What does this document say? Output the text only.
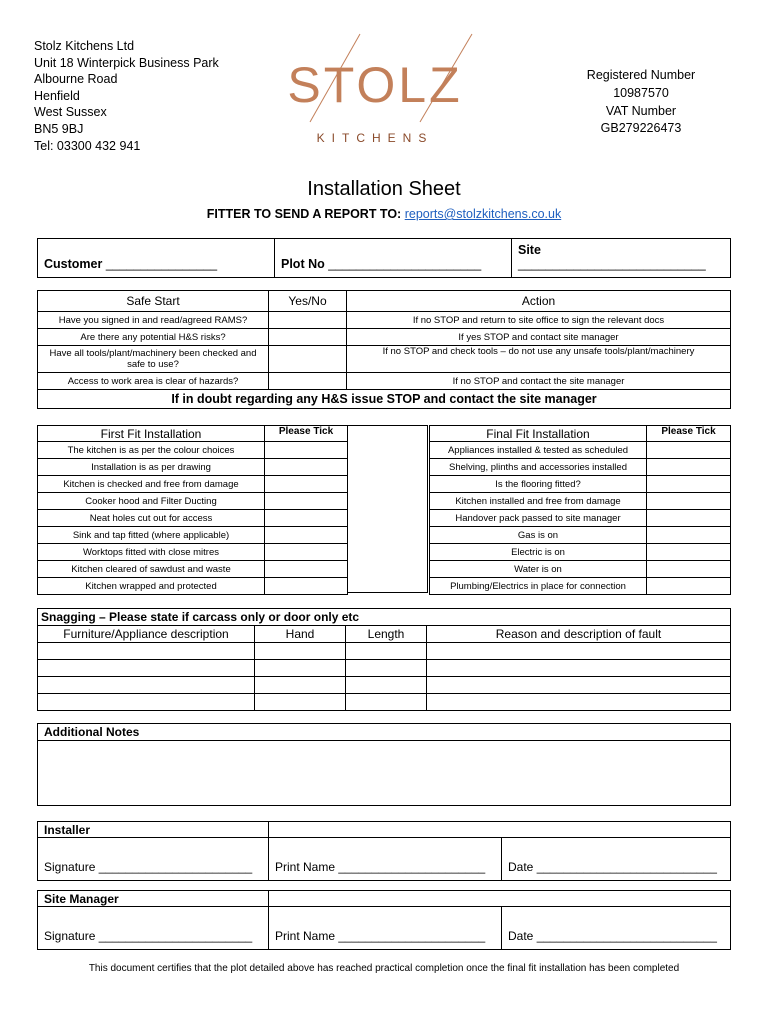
Stolz Kitchens Ltd
Unit 18 Winterpick Business Park
Albourne Road
Henfield
West Sussex
BN5 9BJ
Tel: 03300 432 941
STOLZ
KITCHENS
Registered Number
10987570
VAT Number
GB279226473
Installation Sheet
FITTER TO SEND A REPORT TO: reports@stolzkitchens.co.uk
Customer ________________	Plot No ______________________	Site ___________________________
Safe Start	Yes/No	Action
Have you signed in and read/agreed RAMS?		If no STOP and return to site office to sign the relevant docs
Are there any potential H&S risks?		If yes STOP and contact site manager
Have all tools/plant/machinery been checked and safe to use?		If no STOP and check tools – do not use any unsafe tools/plant/machinery
Access to work area is clear of hazards?		If no STOP and contact the site manager
If in doubt regarding any H&S issue STOP and contact the site manager		
First Fit Installation	Please Tick
The kitchen is as per the colour choices	
Installation is as per drawing	
Kitchen is checked and free from damage	
Cooker hood and Filter Ducting	
Neat holes cut out for access	
Sink and tap fitted (where applicable)	
Worktops fitted with close mitres	
Kitchen cleared of sawdust and waste	
Kitchen wrapped and protected	
Final Fit Installation	Please Tick
Appliances installed & tested as scheduled	
Shelving, plinths and accessories installed	
Is the flooring fitted?	
Kitchen installed and free from damage	
Handover pack passed to site manager	
Gas is on	
Electric is on	
Water is on	
Plumbing/Electrics in place for connection	
Snagging – Please state if carcass only or door only etc			
Furniture/Appliance description	Hand	Length	Reason and description of fault

Additional Notes

Installer		
Signature _______________________	Print Name ______________________	Date ___________________________
Site Manager		
Signature _______________________	Print Name ______________________	Date ___________________________
This document certifies that the plot detailed above has reached practical completion once the final fit installation has been completed
